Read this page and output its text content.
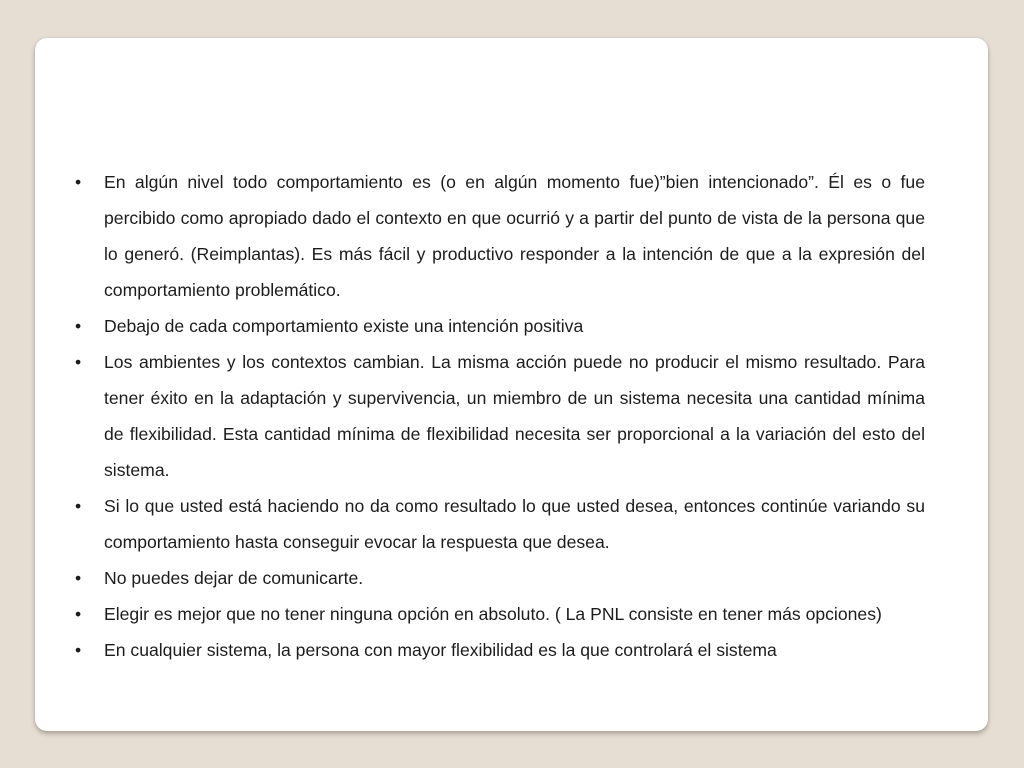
• En algún nivel todo comportamiento es (o en algún momento fue)”bien intencionado”. Él es o fue percibido como apropiado dado el contexto en que ocurrió y a partir del punto de vista de la persona que lo generó. (Reimplantas). Es más fácil y productivo responder a la intención de que a la expresión del comportamiento problemático.
• Debajo de cada comportamiento existe una intención positiva
• Los ambientes y los contextos cambian. La misma acción puede no producir el mismo resultado. Para tener éxito en la adaptación y supervivencia, un miembro de un sistema necesita una cantidad mínima de flexibilidad. Esta cantidad mínima de flexibilidad necesita ser proporcional a la variación del esto del sistema.
• Si lo que usted está haciendo no da como resultado lo que usted desea, entonces continúe variando su comportamiento hasta conseguir evocar la respuesta que desea.
• No puedes dejar de comunicarte.
• Elegir es mejor que no tener ninguna opción en absoluto. ( La PNL consiste en tener más opciones)
• En cualquier sistema, la persona con mayor flexibilidad es la que controlará el sistema
